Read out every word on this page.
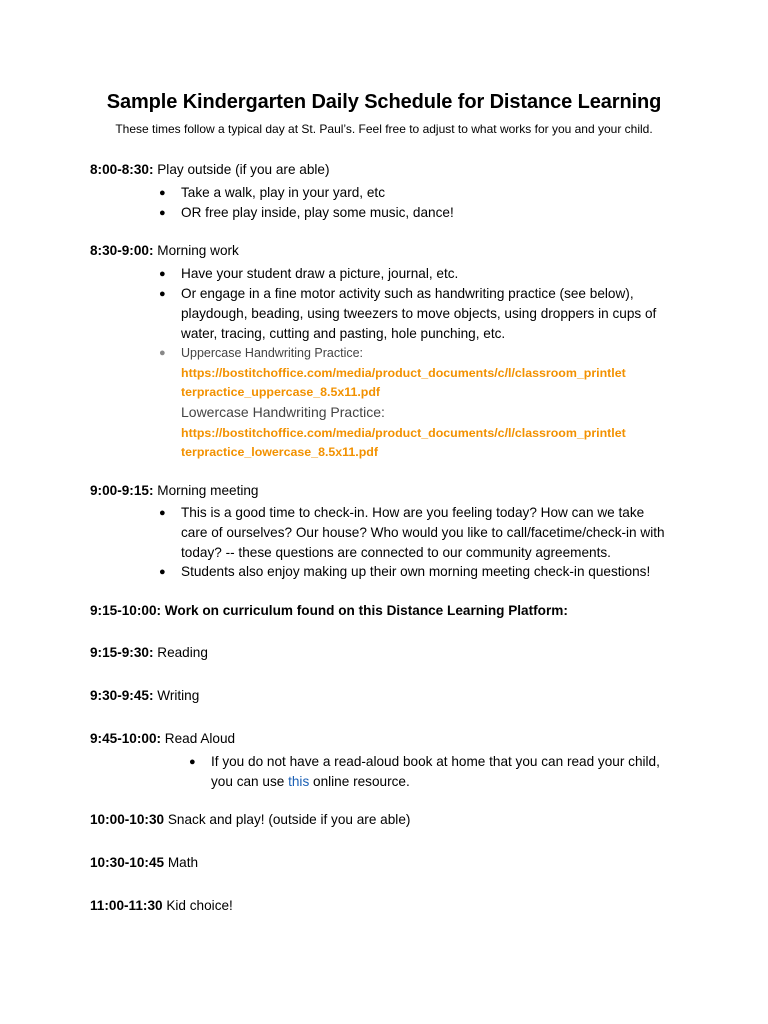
Sample Kindergarten Daily Schedule for Distance Learning
These times follow a typical day at St. Paul’s. Feel free to adjust to what works for you and your child.
8:00-8:30: Play outside (if you are able)
● Take a walk, play in your yard, etc
● OR free play inside, play some music, dance!
8:30-9:00: Morning work
● Have your student draw a picture, journal, etc.
● Or engage in a fine motor activity such as handwriting practice (see below),
playdough, beading, using tweezers to move objects, using droppers in cups of
water, tracing, cutting and pasting, hole punching, etc.
● Uppercase Handwriting Practice:
https://bostitchoffice.com/media/product_documents/c/l/classroom_printlet
terpractice_uppercase_8.5x11.pdf
Lowercase Handwriting Practice:
https://bostitchoffice.com/media/product_documents/c/l/classroom_printlet
terpractice_lowercase_8.5x11.pdf
9:00-9:15: Morning meeting
● This is a good time to check-in. How are you feeling today? How can we take
care of ourselves? Our house? Who would you like to call/facetime/check-in with
today? -- these questions are connected to our community agreements.
● Students also enjoy making up their own morning meeting check-in questions!
9:15-10:00: Work on curriculum found on this Distance Learning Platform:
9:15-9:30: Reading
9:30-9:45: Writing
9:45-10:00: Read Aloud
● If you do not have a read-aloud book at home that you can read your child,
you can use this online resource.
10:00-10:30 Snack and play! (outside if you are able)
10:30-10:45 Math
11:00-11:30 Kid choice!
